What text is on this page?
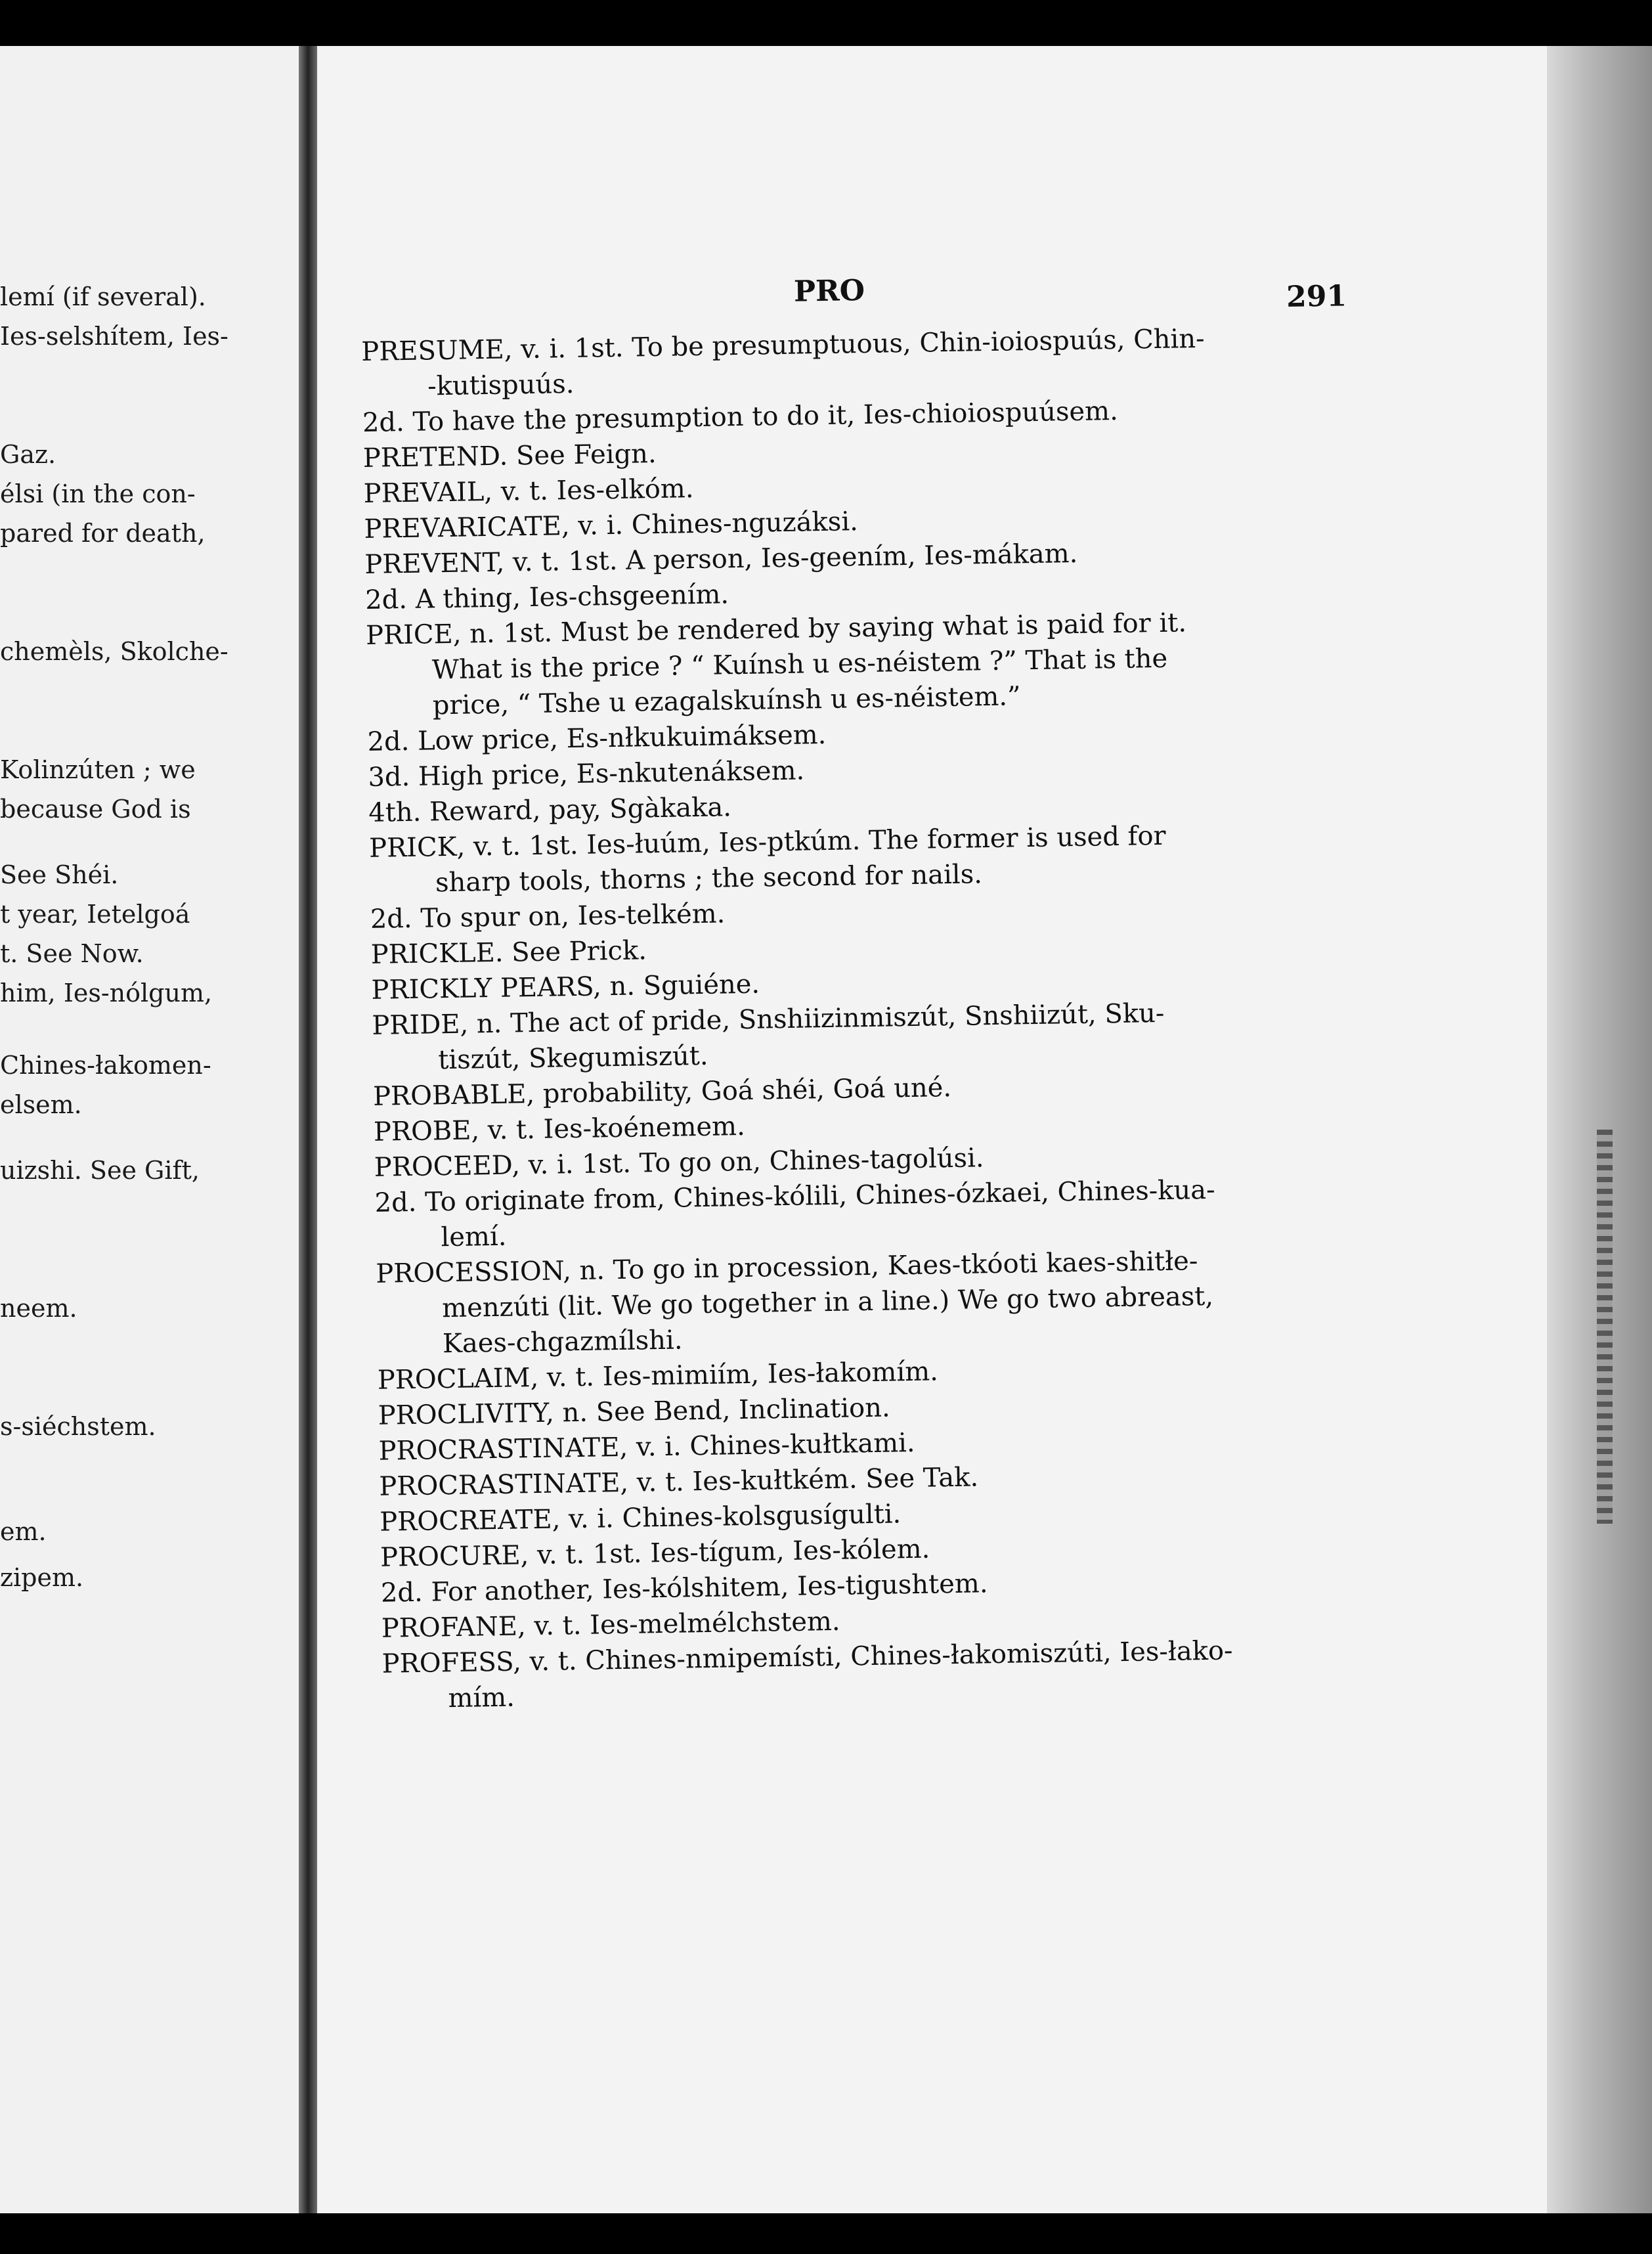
lemí (if several).
Ies-selshítem, Ies-
Gaz.
élsi (in the con-
pared for death,
chemèls, Skolche-
Kolinzúten ; we
because God is
See Shéi.
t year, Ietelgoá
t. See Now.
him, Ies-nólgum,
Chines-łakomen-
elsem.
uizshi. See Gift,
neem.
s-siéchstem.
em.
zipem.
PRO	291
PRESUME, v. i. 1st. To be presumptuous, Chin-ioiospuús, Chin-
-kutispuús.
2d. To have the presumption to do it, Ies-chioiospuúsem.
PRETEND. See Feign.
PREVAIL, v. t. Ies-elkóm.
PREVARICATE, v. i. Chines-nguzáksi.
PREVENT, v. t. 1st. A person, Ies-geením, Ies-mákam.
2d. A thing, Ies-chsgeením.
PRICE, n. 1st. Must be rendered by saying what is paid for it.
What is the price ? “ Kuínsh u es-néistem ?” That is the
price, “ Tshe u ezagalskuínsh u es-néistem.”
2d. Low price, Es-nłkukuimáksem.
3d. High price, Es-nkutenáksem.
4th. Reward, pay, Sgàkaka.
PRICK, v. t. 1st. Ies-łuúm, Ies-ptkúm. The former is used for
sharp tools, thorns ; the second for nails.
2d. To spur on, Ies-telkém.
PRICKLE. See Prick.
PRICKLY PEARS, n. Sguiéne.
PRIDE, n. The act of pride, Snshiizinmiszút, Snshiizút, Sku-
tiszút, Skegumiszút.
PROBABLE, probability, Goá shéi, Goá uné.
PROBE, v. t. Ies-koénemem.
PROCEED, v. i. 1st. To go on, Chines-tagolúsi.
2d. To originate from, Chines-kólili, Chines-ózkaei, Chines-kua-
lemí.
PROCESSION, n. To go in procession, Kaes-tkóoti kaes-shitłe-
menzúti (lit. We go together in a line.) We go two abreast,
Kaes-chgazmílshi.
PROCLAIM, v. t. Ies-mimiím, Ies-łakomím.
PROCLIVITY, n. See Bend, Inclination.
PROCRASTINATE, v. i. Chines-kułtkami.
PROCRASTINATE, v. t. Ies-kułtkém. See Tak.
PROCREATE, v. i. Chines-kolsgusígulti.
PROCURE, v. t. 1st. Ies-tígum, Ies-kólem.
2d. For another, Ies-kólshitem, Ies-tigushtem.
PROFANE, v. t. Ies-melmélchstem.
PROFESS, v. t. Chines-nmipemísti, Chines-łakomiszúti, Ies-łako-
mím.
